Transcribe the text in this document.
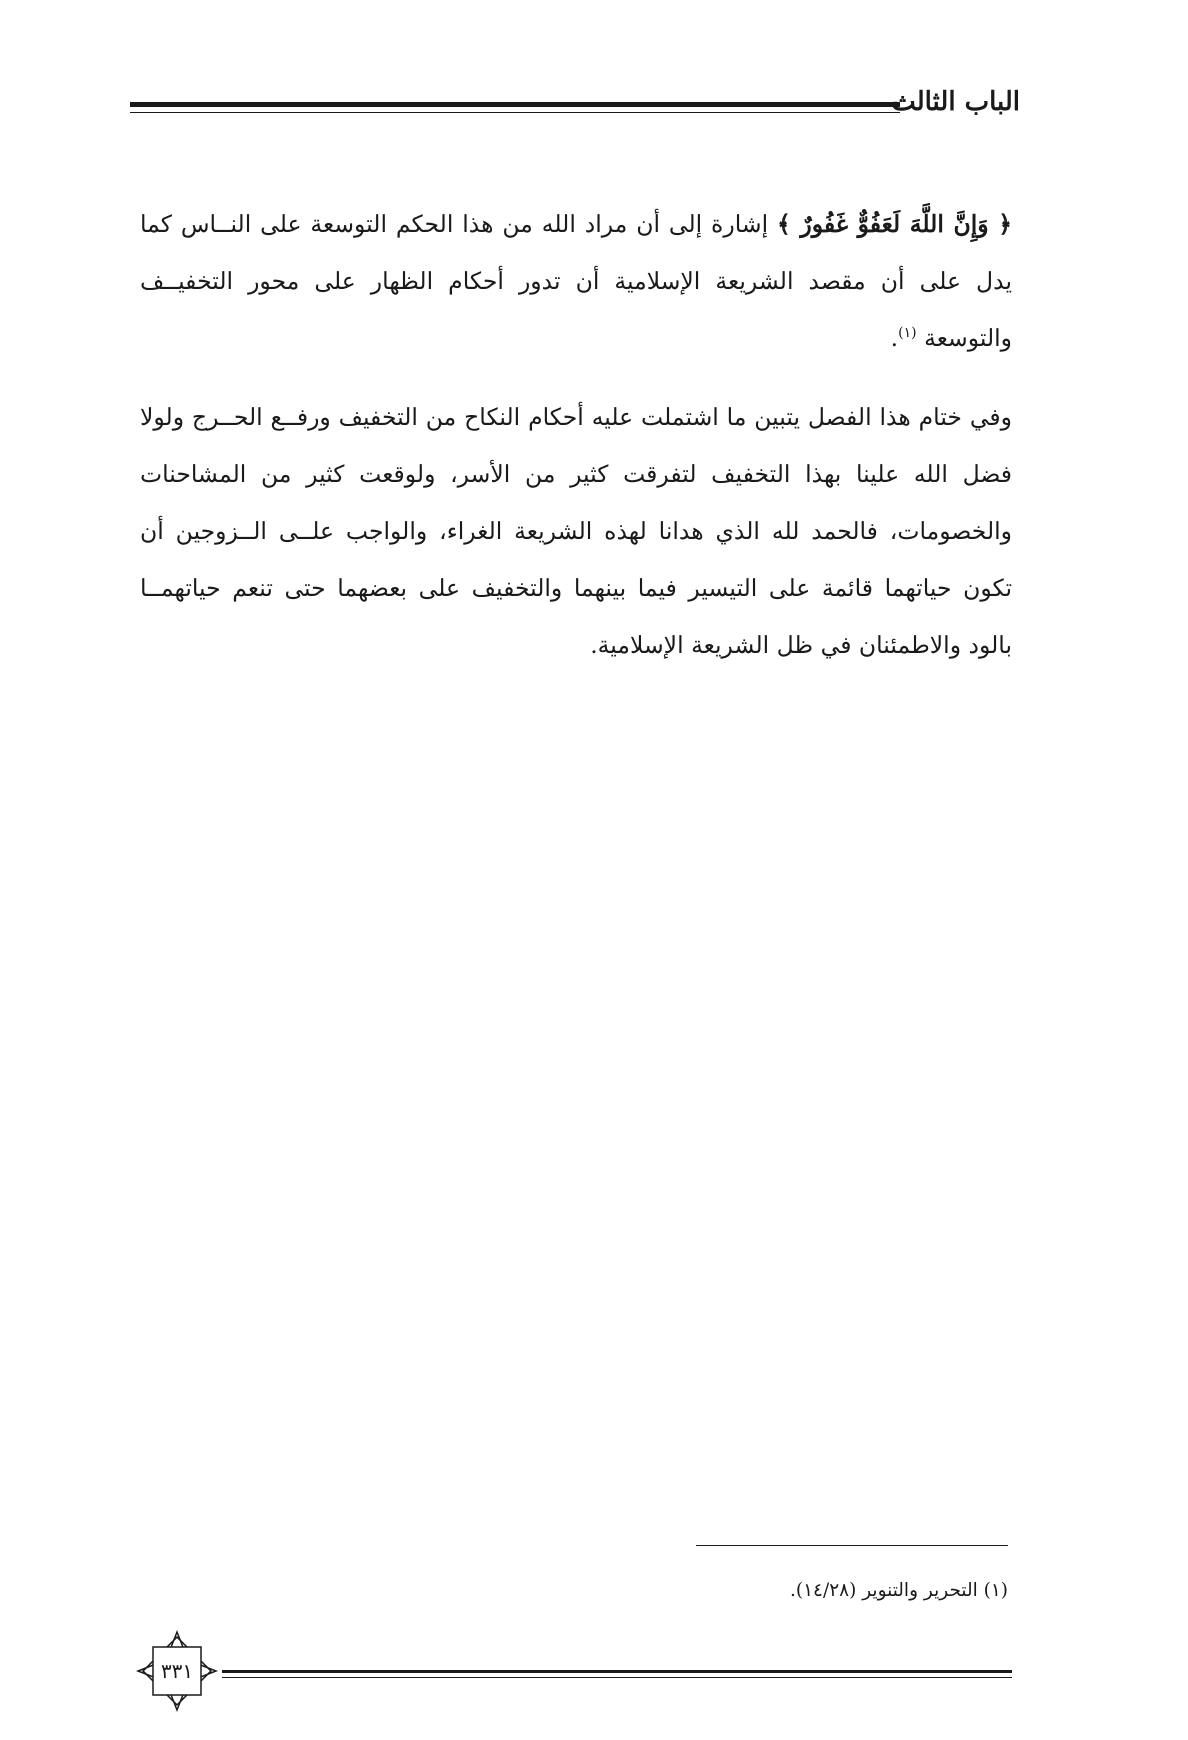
الباب الثالث

﴿ وَإِنَّ اللَّهَ لَعَفُوٌّ غَفُورٌ ﴾ إشارة إلى أن مراد الله من هذا الحكم التوسعة على النــاس كما يدل على أن مقصد الشريعة الإسلامية أن تدور أحكام الظهار على محور التخفيــف والتوسعة $^{(١)}$.

وفي ختام هذا الفصل يتبين ما اشتملت عليه أحكام النكاح من التخفيف ورفــع الحــرج ولولا فضل الله علينا بهذا التخفيف لتفرقت كثير من الأسر، ولوقعت كثير من المشاحنات والخصومات، فالحمد لله الذي هدانا لهذه الشريعة الغراء، والواجب علــى الــزوجين أن تكون حياتهما قائمة على التيسير فيما بينهما والتخفيف على بعضهما حتى تنعم حياتهمــا بالود والاطمئنان في ظل الشريعة الإسلامية.

(١) التحرير والتنوير (١٤/٢٨).
٣٣١
